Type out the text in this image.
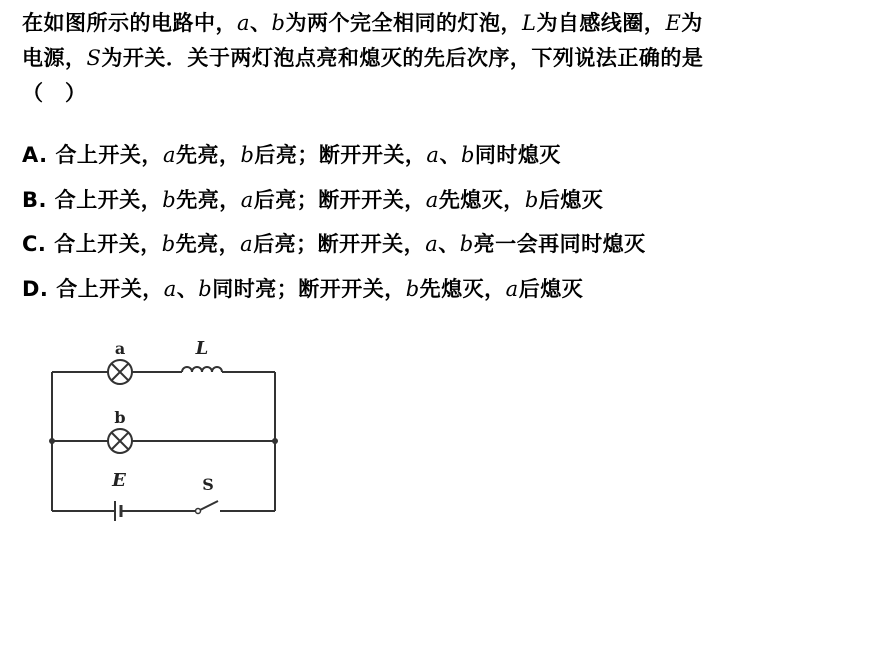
在如图所示的电路中，a、b为两个完全相同的灯泡，L为自感线圈，E为
电源，S为开关．关于两灯泡点亮和熄灭的先后次序，下列说法正确的是
（　）
A. 合上开关，a先亮，b后亮；断开开关，a、b同时熄灭
B. 合上开关，b先亮，a后亮；断开开关，a先熄灭，b后熄灭
C. 合上开关，b先亮，a后亮；断开开关，a、b亮一会再同时熄灭
D. 合上开关，a、b同时亮；断开开关，b先熄灭，a后熄灭
a	L
b
E	S
